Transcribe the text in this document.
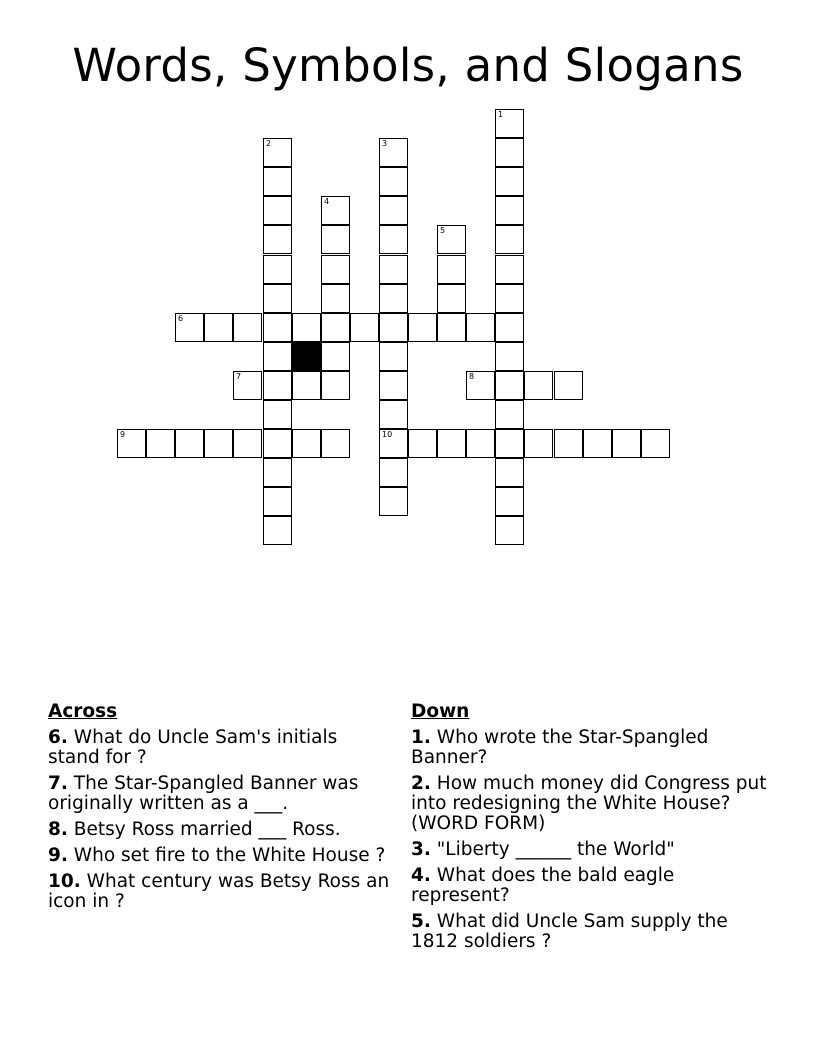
Words, Symbols, and Slogans
1
2	3
10
4
5
6
7	8
9
Across
6. What do Uncle Sam's initials stand for ?
7. The Star-Spangled Banner was originally written as a ___.
8. Betsy Ross married ___ Ross.
9. Who set fire to the White House ?
10. What century was Betsy Ross an icon in ?
Down
1. Who wrote the Star-Spangled Banner?
2. How much money did Congress put into redesigning the White House? (WORD FORM)
3. "Liberty ______ the World"
4. What does the bald eagle represent?
5. What did Uncle Sam supply the 1812 soldiers ?
